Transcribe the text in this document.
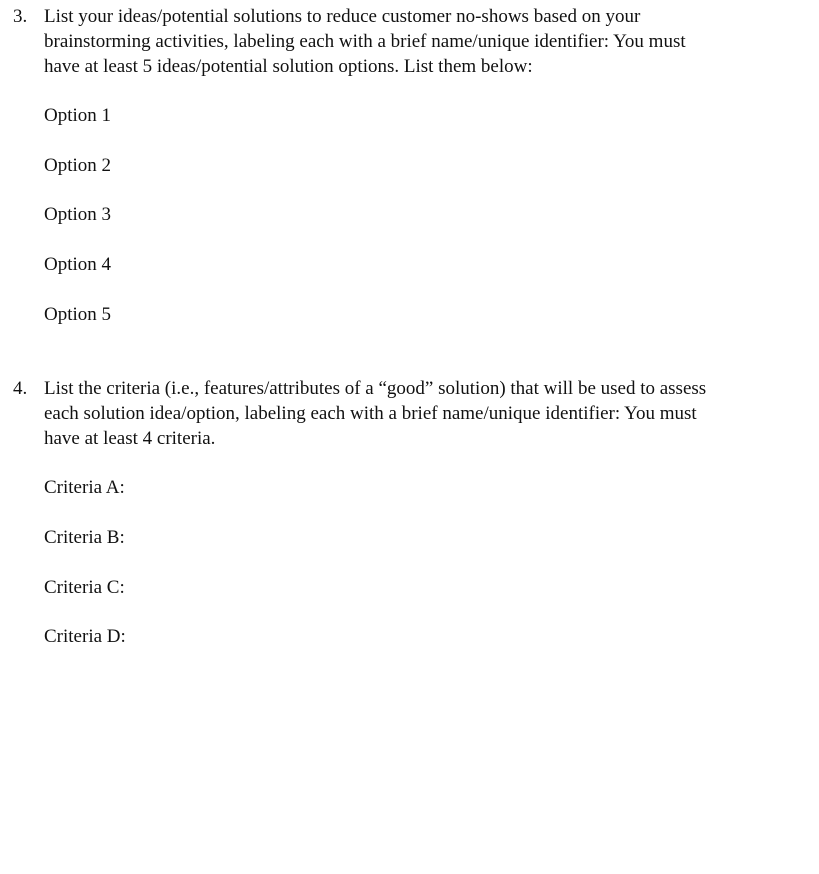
3. List your ideas/potential solutions to reduce customer no-shows based on your
brainstorming activities, labeling each with a brief name/unique identifier: You must
have at least 5 ideas/potential solution options. List them below:
Option 1
Option 2
Option 3
Option 4
Option 5
4. List the criteria (i.e., features/attributes of a “good” solution) that will be used to assess
each solution idea/option, labeling each with a brief name/unique identifier: You must
have at least 4 criteria.
Criteria A:
Criteria B:
Criteria C:
Criteria D:
